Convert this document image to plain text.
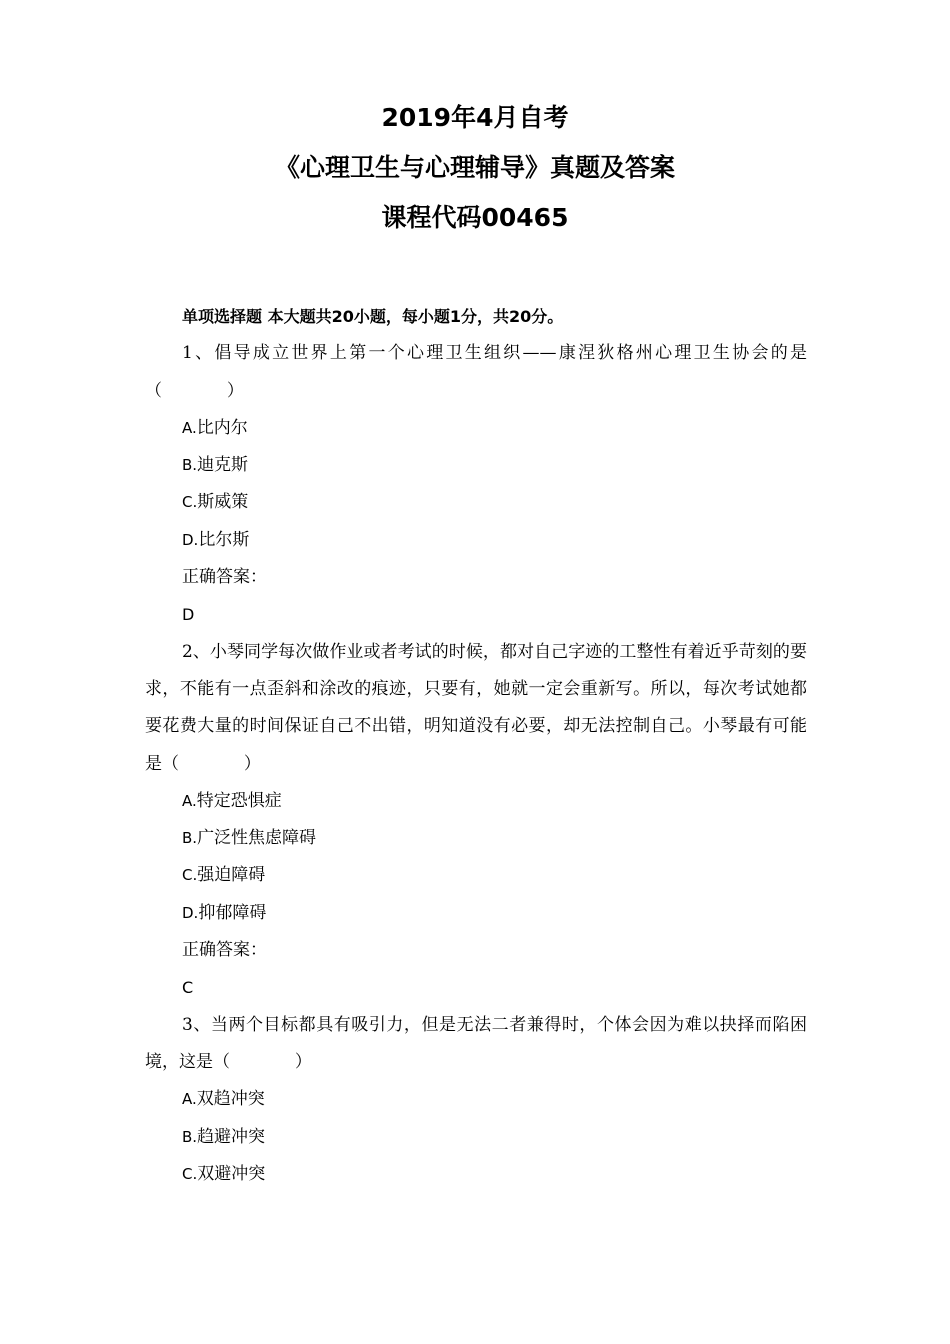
2019年4月自考
《心理卫生与心理辅导》真题及答案
课程代码00465
单项选择题 本大题共20小题，每小题1分，共20分。
1、倡导成立世界上第一个心理卫生组织——康涅狄格州心理卫生协会的是（            ）
A.比内尔
B.迪克斯
C.斯威策
D.比尔斯
正确答案：
D
2、小琴同学每次做作业或者考试的时候，都对自己字迹的工整性有着近乎苛刻的要求，不能有一点歪斜和涂改的痕迹，只要有，她就一定会重新写。所以，每次考试她都要花费大量的时间保证自己不出错，明知道没有必要，却无法控制自己。小琴最有可能是（            ）
A.特定恐惧症
B.广泛性焦虑障碍
C.强迫障碍
D.抑郁障碍
正确答案：
C
3、当两个目标都具有吸引力，但是无法二者兼得时，个体会因为难以抉择而陷困境，这是（            ）
A.双趋冲突
B.趋避冲突
C.双避冲突
